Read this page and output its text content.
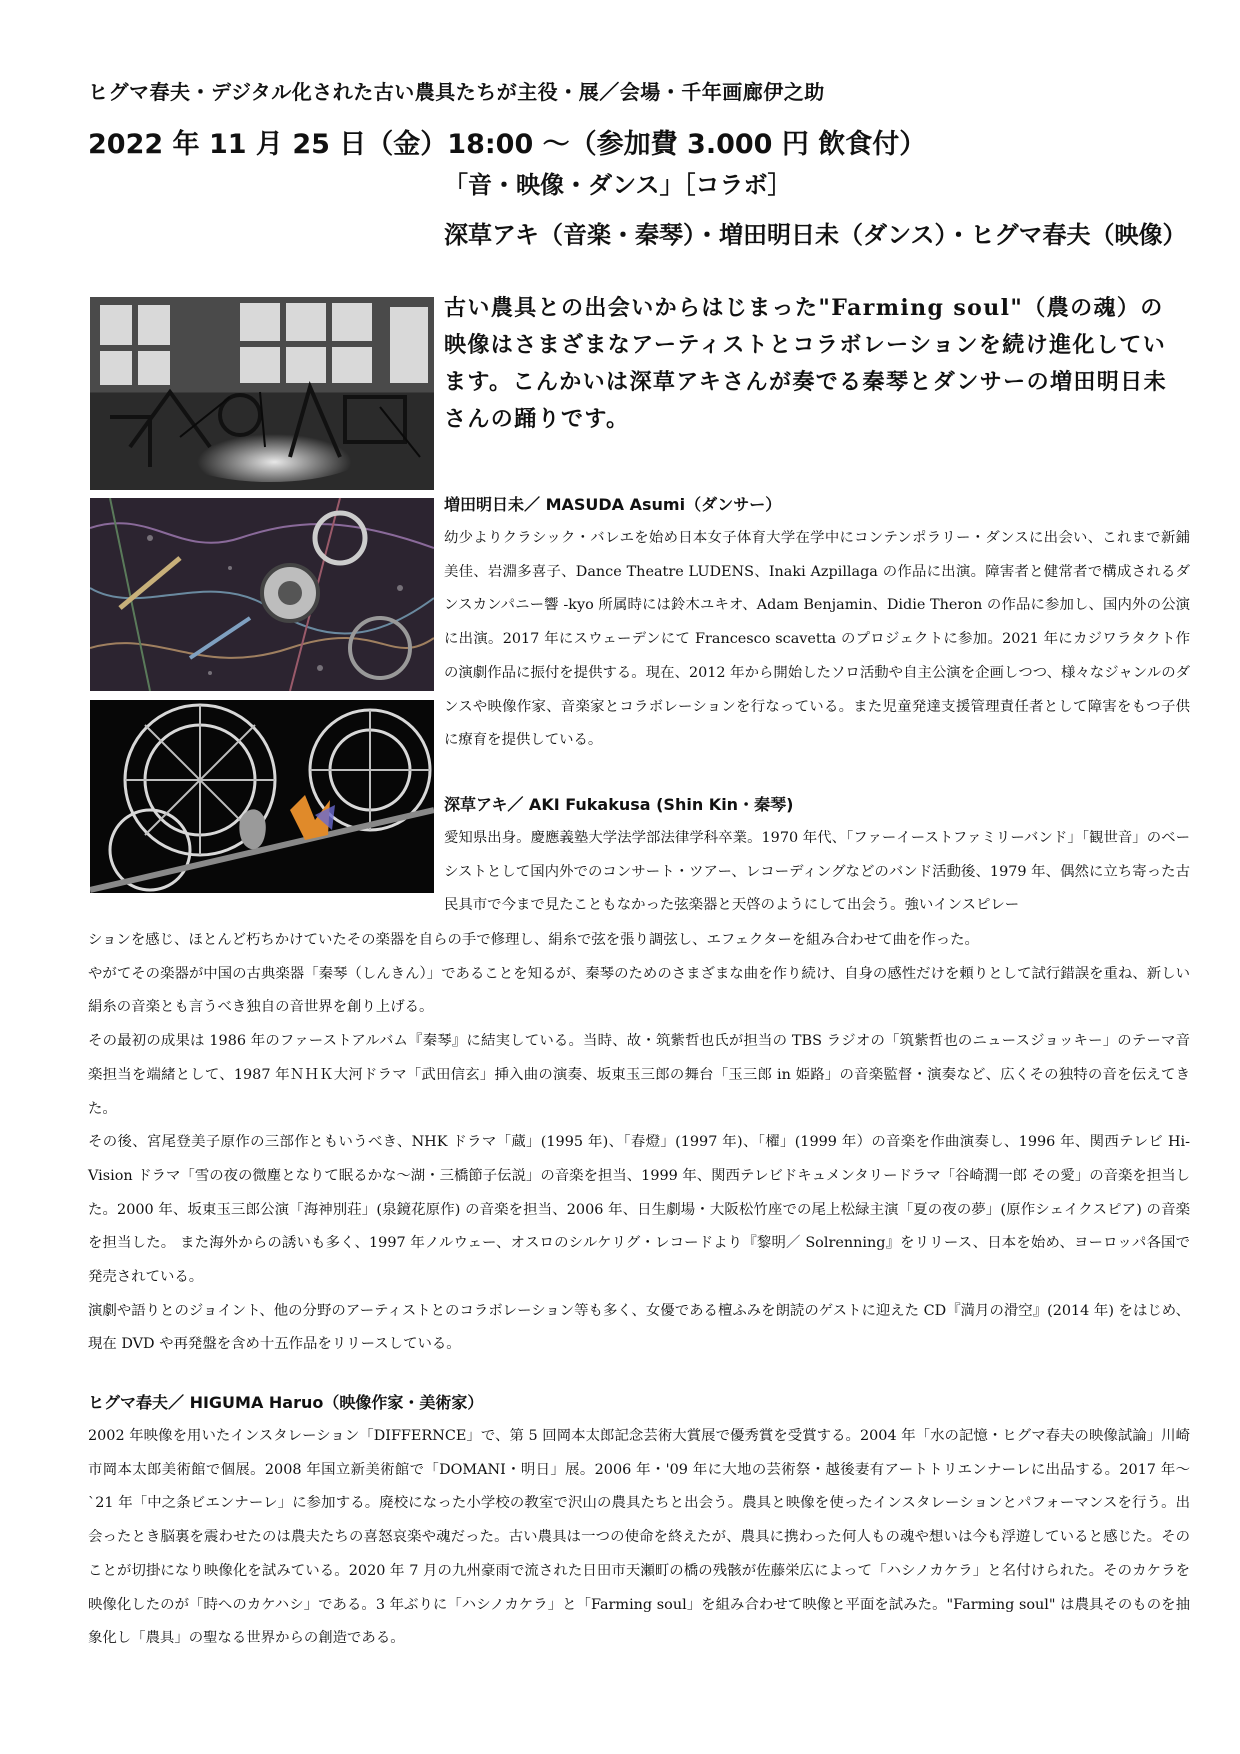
ヒグマ春夫・デジタル化された古い農具たちが主役・展／会場・千年画廊伊之助
2022 年 11 月 25 日（金）18:00 ～（参加費 3.000 円 飲食付）
「音・映像・ダンス」［コラボ］
深草アキ（音楽・秦琴）・増田明日未（ダンス）・ヒグマ春夫（映像）

古い農具との出会いからはじまった"Farming soul"（農の魂）の映像はさまざまなアーティストとコラボレーションを続け進化しています。こんかいは深草アキさんが奏でる秦琴とダンサーの増田明日未さんの踊りです。

増田明日未／ MASUDA Asumi（ダンサー）

幼少よりクラシック・バレエを始め日本女子体育大学在学中にコンテンポラリー・ダンスに出会い、これまで新鋪美佳、岩淵多喜子、Dance Theatre LUDENS、Inaki Azpillaga の作品に出演。障害者と健常者で構成されるダンスカンパニー響 -kyo 所属時には鈴木ユキオ、Adam Benjamin、Didie Theron の作品に参加し、国内外の公演に出演。2017 年にスウェーデンにて Francesco scavetta のプロジェクトに参加。2021 年にカジワラタクト作の演劇作品に振付を提供する。現在、2012 年から開始したソロ活動や自主公演を企画しつつ、様々なジャンルのダンスや映像作家、音楽家とコラボレーションを行なっている。また児童発達支援管理責任者として障害をもつ子供に療育を提供している。

深草アキ／ AKI Fukakusa (Shin Kin・秦琴)

愛知県出身。慶應義塾大学法学部法律学科卒業。1970 年代、「ファーイーストファミリーバンド」「観世音」のベーシストとして国内外でのコンサート・ツアー、レコーディングなどのバンド活動後、1979 年、偶然に立ち寄った古民具市で今まで見たこともなかった弦楽器と天啓のようにして出会う。強いインスピレー

ションを感じ、ほとんど朽ちかけていたその楽器を自らの手で修理し、絹糸で弦を張り調弦し、エフェクターを組み合わせて曲を作った。

やがてその楽器が中国の古典楽器「秦琴（しんきん）」であることを知るが、秦琴のためのさまざまな曲を作り続け、自身の感性だけを頼りとして試行錯誤を重ね、新しい絹糸の音楽とも言うべき独自の音世界を創り上げる。

その最初の成果は 1986 年のファーストアルバム『秦琴』に結実している。当時、故・筑紫哲也氏が担当の TBS ラジオの「筑紫哲也のニュースジョッキー」のテーマ音楽担当を端緒として、1987 年ＮＨＫ大河ドラマ「武田信玄」挿入曲の演奏、坂東玉三郎の舞台「玉三郎 in 姫路」の音楽監督・演奏など、広くその独特の音を伝えてきた。

その後、宮尾登美子原作の三部作ともいうべき、NHK ドラマ「蔵」(1995 年)、「春燈」(1997 年)、「櫂」(1999 年）の音楽を作曲演奏し、1996 年、関西テレビ Hi-Vision ドラマ「雪の夜の微塵となりて眠るかな～湖・三橋節子伝説」の音楽を担当、1999 年、関西テレビドキュメンタリードラマ「谷崎潤一郎 その愛」の音楽を担当した。2000 年、坂東玉三郎公演「海神別荘」(泉鏡花原作) の音楽を担当、2006 年、日生劇場・大阪松竹座での尾上松緑主演「夏の夜の夢」(原作シェイクスピア) の音楽を担当した。 また海外からの誘いも多く、1997 年ノルウェー、オスロのシルケリグ・レコードより『黎明／ Solrenning』をリリース、日本を始め、ヨーロッパ各国で発売されている。

演劇や語りとのジョイント、他の分野のアーティストとのコラボレーション等も多く、女優である檀ふみを朗読のゲストに迎えた CD『満月の滑空』(2014 年) をはじめ、現在 DVD や再発盤を含め十五作品をリリースしている。

ヒグマ春夫／ HIGUMA Haruo（映像作家・美術家）

2002 年映像を用いたインスタレーション「DIFFERNCE」で、第 5 回岡本太郎記念芸術大賞展で優秀賞を受賞する。2004 年「水の記憶・ヒグマ春夫の映像試論」川崎市岡本太郎美術館で個展。2008 年国立新美術館で「DOMANI・明日」展。2006 年・'09 年に大地の芸術祭・越後妻有アートトリエンナーレに出品する。2017 年～`21 年「中之条ビエンナーレ」に参加する。廃校になった小学校の教室で沢山の農具たちと出会う。農具と映像を使ったインスタレーションとパフォーマンスを行う。出会ったとき脳裏を震わせたのは農夫たちの喜怒哀楽や魂だった。古い農具は一つの使命を終えたが、農具に携わった何人もの魂や想いは今も浮遊していると感じた。そのことが切掛になり映像化を試みている。2020 年 7 月の九州豪雨で流された日田市天瀬町の橋の残骸が佐藤栄広によって「ハシノカケラ」と名付けられた。そのカケラを映像化したのが「時へのカケハシ」である。3 年ぶりに「ハシノカケラ」と「Farming soul」を組み合わせて映像と平面を試みた。"Farming soul" は農具そのものを抽象化し「農具」の聖なる世界からの創造である。
